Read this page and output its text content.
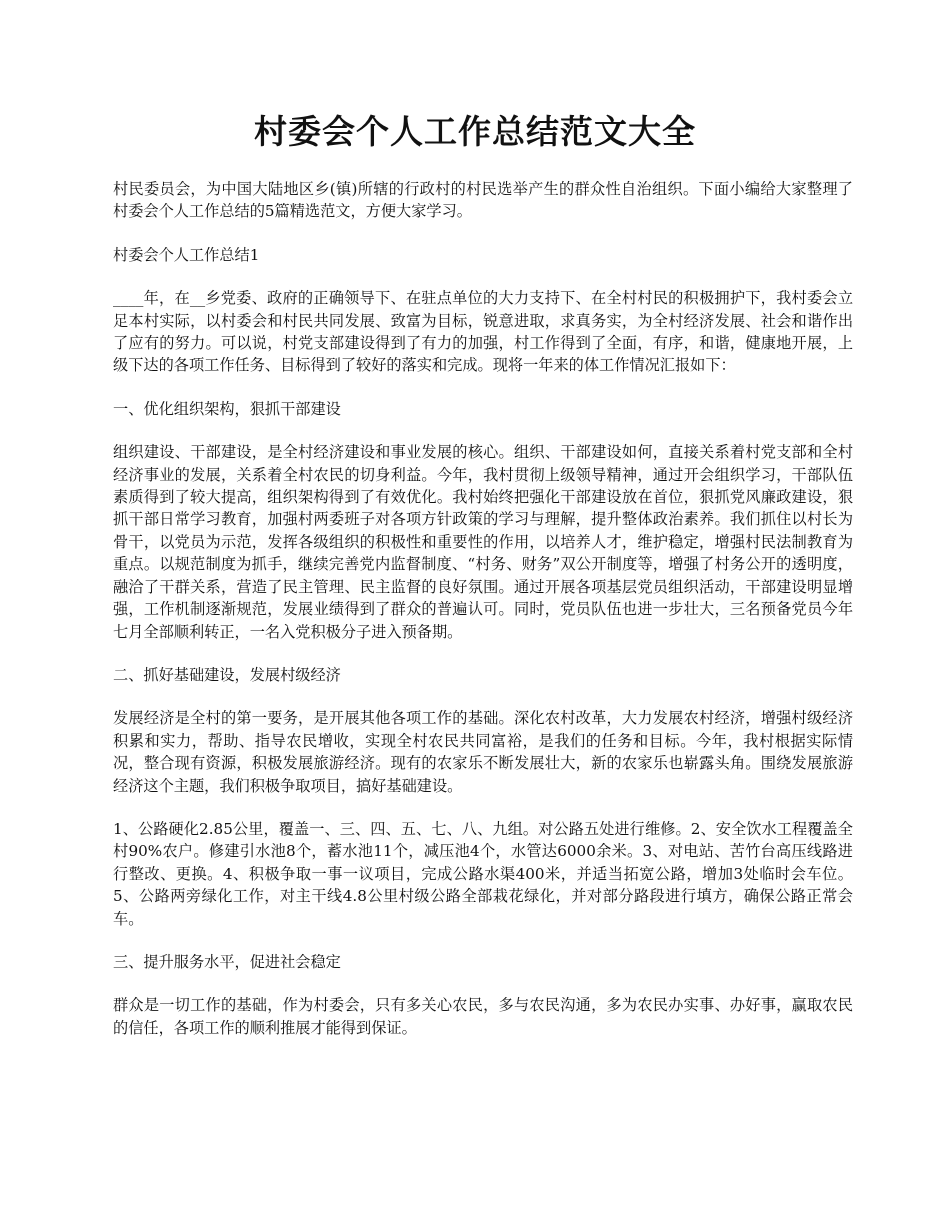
村委会个人工作总结范文大全

村民委员会，为中国大陆地区乡(镇)所辖的行政村的村民选举产生的群众性自治组织。下面小编给大家整理了村委会个人工作总结的5篇精选范文，方便大家学习。

村委会个人工作总结1

____年，在__乡党委、政府的正确领导下、在驻点单位的大力支持下、在全村村民的积极拥护下，我村委会立足本村实际，以村委会和村民共同发展、致富为目标，锐意进取，求真务实，为全村经济发展、社会和谐作出了应有的努力。可以说，村党支部建设得到了有力的加强，村工作得到了全面，有序，和谐，健康地开展，上级下达的各项工作任务、目标得到了较好的落实和完成。现将一年来的体工作情况汇报如下：

一、优化组织架构，狠抓干部建设

组织建设、干部建设，是全村经济建设和事业发展的核心。组织、干部建设如何，直接关系着村党支部和全村经济事业的发展，关系着全村农民的切身利益。今年，我村贯彻上级领导精神，通过开会组织学习，干部队伍素质得到了较大提高，组织架构得到了有效优化。我村始终把强化干部建设放在首位，狠抓党风廉政建设，狠抓干部日常学习教育，加强村两委班子对各项方针政策的学习与理解，提升整体政治素养。我们抓住以村长为骨干，以党员为示范，发挥各级组织的积极性和重要性的作用，以培养人才，维护稳定，增强村民法制教育为重点。以规范制度为抓手，继续完善党内监督制度、“村务、财务”双公开制度等，增强了村务公开的透明度，融洽了干群关系，营造了民主管理、民主监督的良好氛围。通过开展各项基层党员组织活动，干部建设明显增强，工作机制逐渐规范，发展业绩得到了群众的普遍认可。同时，党员队伍也进一步壮大，三名预备党员今年七月全部顺利转正，一名入党积极分子进入预备期。

二、抓好基础建设，发展村级经济

发展经济是全村的第一要务，是开展其他各项工作的基础。深化农村改革，大力发展农村经济，增强村级经济积累和实力，帮助、指导农民增收，实现全村农民共同富裕，是我们的任务和目标。今年，我村根据实际情况，整合现有资源，积极发展旅游经济。现有的农家乐不断发展壮大，新的农家乐也崭露头角。围绕发展旅游经济这个主题，我们积极争取项目，搞好基础建设。

1、公路硬化2.85公里，覆盖一、三、四、五、七、八、九组。对公路五处进行维修。2、安全饮水工程覆盖全村90%农户。修建引水池8个，蓄水池11个，减压池4个，水管达6000余米。3、对电站、苦竹台高压线路进行整改、更换。4、积极争取一事一议项目，完成公路水渠400米，并适当拓宽公路，增加3处临时会车位。5、公路两旁绿化工作，对主干线4.8公里村级公路全部栽花绿化，并对部分路段进行填方，确保公路正常会车。

三、提升服务水平，促进社会稳定

群众是一切工作的基础，作为村委会，只有多关心农民，多与农民沟通，多为农民办实事、办好事，赢取农民的信任，各项工作的顺利推展才能得到保证。
